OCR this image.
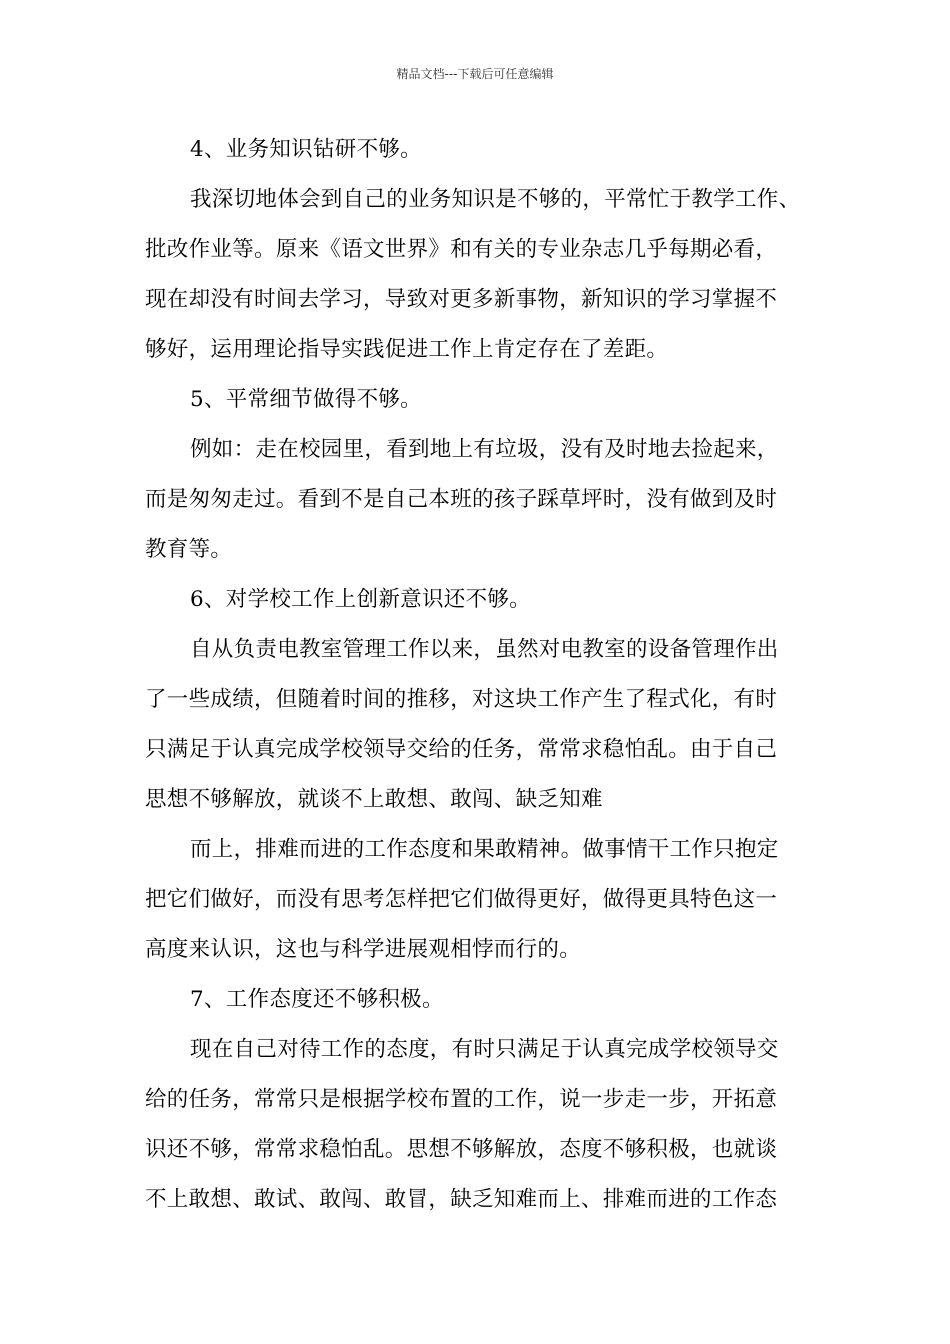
精品文档---下载后可任意编辑
4、业务知识钻研不够。
我深切地体会到自己的业务知识是不够的，平常忙于教学工作、
批改作业等。原来《语文世界》和有关的专业杂志几乎每期必看，
现在却没有时间去学习，导致对更多新事物，新知识的学习掌握不
够好，运用理论指导实践促进工作上肯定存在了差距。
5、平常细节做得不够。
例如：走在校园里，看到地上有垃圾，没有及时地去捡起来，
而是匆匆走过。看到不是自己本班的孩子踩草坪时，没有做到及时
教育等。
6、对学校工作上创新意识还不够。
自从负责电教室管理工作以来，虽然对电教室的设备管理作出
了一些成绩，但随着时间的推移，对这块工作产生了程式化，有时
只满足于认真完成学校领导交给的任务，常常求稳怕乱。由于自己
思想不够解放，就谈不上敢想、敢闯、缺乏知难
而上，排难而进的工作态度和果敢精神。做事情干工作只抱定
把它们做好，而没有思考怎样把它们做得更好，做得更具特色这一
高度来认识，这也与科学进展观相悖而行的。
7、工作态度还不够积极。
现在自己对待工作的态度，有时只满足于认真完成学校领导交
给的任务，常常只是根据学校布置的工作，说一步走一步，开拓意
识还不够，常常求稳怕乱。思想不够解放，态度不够积极，也就谈
不上敢想、敢试、敢闯、敢冒，缺乏知难而上、排难而进的工作态
